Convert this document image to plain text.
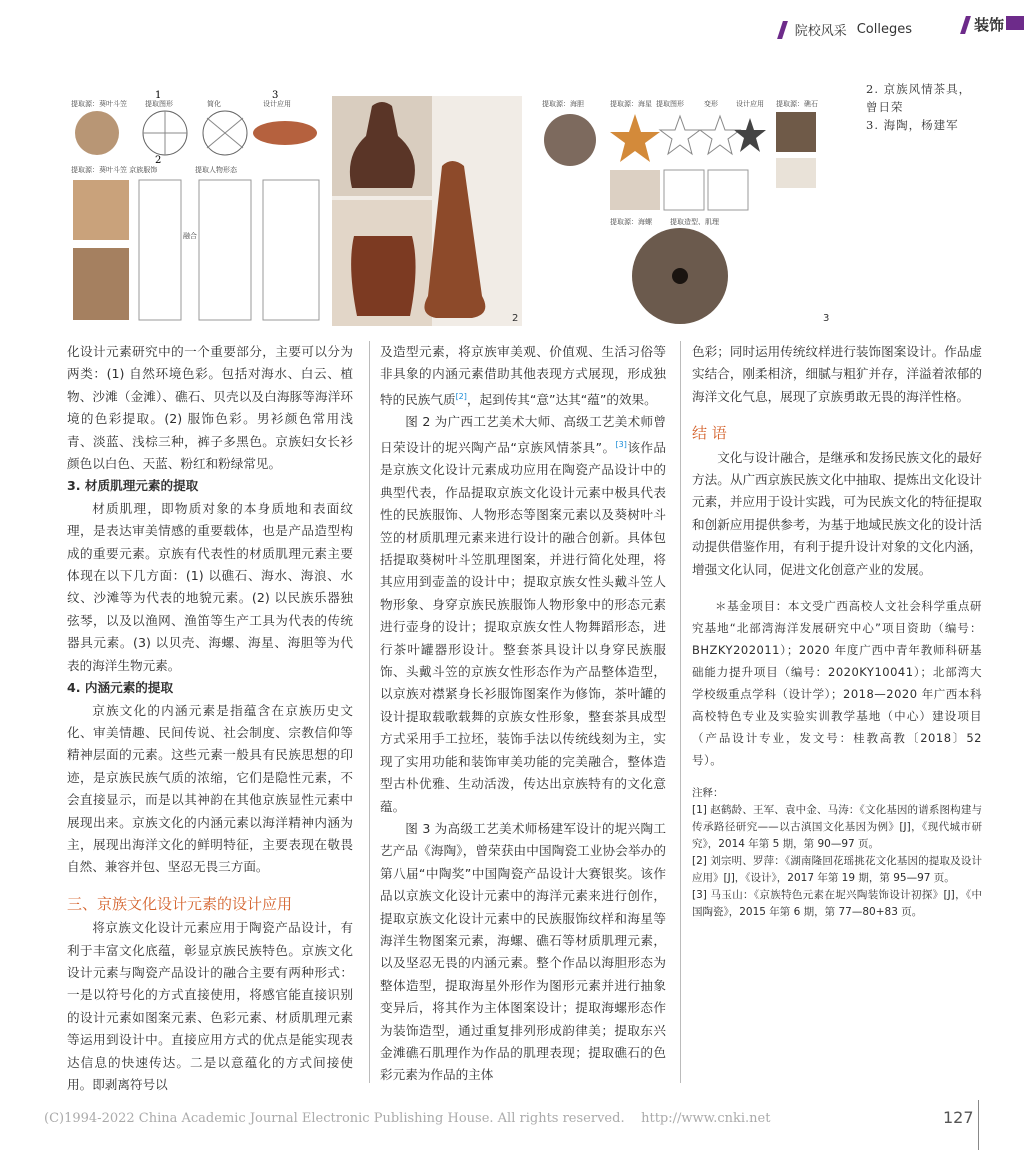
院校风采 Colleges	装饰
2. 京族风情茶具，曾日荣
3. 海陶，杨建军
1	3
2
提取源：葵叶斗笠	提取图形	简化	设计应用
提取源：葵叶斗笠 京族服饰	提取人物形态
融合
2
提取源：海胆	提取源：海星 提取图形	变形	设计应用 提取源：礁石
提取源：海螺	提取造型、肌理
3

化设计元素研究中的一个重要部分，主要可以分为两类：(1) 自然环境色彩。包括对海水、白云、植物、沙滩（金滩）、礁石、贝壳以及白海豚等海洋环境的色彩提取。(2) 服饰色彩。男衫颜色常用浅青、淡蓝、浅棕三种，裤子多黑色。京族妇女长衫颜色以白色、天蓝、粉红和粉绿常见。

3. 材质肌理元素的提取

材质肌理，即物质对象的本身质地和表面纹理，是表达审美情感的重要载体，也是产品造型构成的重要元素。京族有代表性的材质肌理元素主要体现在以下几方面：(1) 以礁石、海水、海浪、水纹、沙滩等为代表的地貌元素。(2) 以民族乐器独弦琴，以及以渔网、渔笛等生产工具为代表的传统器具元素。(3) 以贝壳、海螺、海星、海胆等为代表的海洋生物元素。

4. 内涵元素的提取

京族文化的内涵元素是指蕴含在京族历史文化、审美情趣、民间传说、社会制度、宗教信仰等精神层面的元素。这些元素一般具有民族思想的印迹，是京族民族气质的浓缩，它们是隐性元素，不会直接显示，而是以其神韵在其他京族显性元素中展现出来。京族文化的内涵元素以海洋精神内涵为主，展现出海洋文化的鲜明特征，主要表现在敬畏自然、兼容并包、坚忍无畏三方面。

三、京族文化设计元素的设计应用

将京族文化设计元素应用于陶瓷产品设计，有利于丰富文化底蕴，彰显京族民族特色。京族文化设计元素与陶瓷产品设计的融合主要有两种形式：一是以符号化的方式直接使用，将感官能直接识别的设计元素如图案元素、色彩元素、材质肌理元素等运用到设计中。直接应用方式的优点是能实现表达信息的快速传达。二是以意蕴化的方式间接使用。即剥离符号以

及造型元素，将京族审美观、价值观、生活习俗等非具象的内涵元素借助其他表现方式展现，形成独特的民族气质[2]，起到传其“意”达其“蕴”的效果。

图 2 为广西工艺美术大师、高级工艺美术师曾日荣设计的坭兴陶产品“京族风情茶具”。[3]该作品是京族文化设计元素成功应用在陶瓷产品设计中的典型代表，作品提取京族文化设计元素中极具代表性的民族服饰、人物形态等图案元素以及葵树叶斗笠的材质肌理元素来进行设计的融合创新。具体包括提取葵树叶斗笠肌理图案，并进行简化处理，将其应用到壶盖的设计中；提取京族女性头戴斗笠人物形象、身穿京族民族服饰人物形象中的形态元素进行壶身的设计；提取京族女性人物舞蹈形态，进行茶叶罐器形设计。整套茶具设计以身穿民族服饰、头戴斗笠的京族女性形态作为产品整体造型，以京族对襟紧身长衫服饰图案作为修饰，茶叶罐的设计提取载歌载舞的京族女性形象，整套茶具成型方式采用手工拉坯，装饰手法以传统线刻为主，实现了实用功能和装饰审美功能的完美融合，整体造型古朴优雅、生动活泼，传达出京族特有的文化意蕴。

图 3 为高级工艺美术师杨建军设计的坭兴陶工艺产品《海陶》，曾荣获由中国陶瓷工业协会举办的第八届“中陶奖”中国陶瓷产品设计大赛银奖。该作品以京族文化设计元素中的海洋元素来进行创作，提取京族文化设计元素中的民族服饰纹样和海星等海洋生物图案元素，海螺、礁石等材质肌理元素，以及坚忍无畏的内涵元素。整个作品以海胆形态为整体造型，提取海星外形作为图形元素并进行抽象变异后，将其作为主体图案设计；提取海螺形态作为装饰造型，通过重复排列形成韵律美；提取东兴金滩礁石肌理作为作品的肌理表现；提取礁石的色彩元素为作品的主体

色彩；同时运用传统纹样进行装饰图案设计。作品虚实结合，刚柔相济，细腻与粗犷并存，洋溢着浓郁的海洋文化气息，展现了京族勇敢无畏的海洋性格。

结 语

文化与设计融合，是继承和发扬民族文化的最好方法。从广西京族民族文化中抽取、提炼出文化设计元素，并应用于设计实践，可为民族文化的特征提取和创新应用提供参考，为基于地域民族文化的设计活动提供借鉴作用，有利于提升设计对象的文化内涵，增强文化认同，促进文化创意产业的发展。

＊基金项目：本文受广西高校人文社会科学重点研究基地“北部湾海洋发展研究中心”项目资助（编号：BHZKY202011）；2020 年度广西中青年教师科研基础能力提升项目（编号：2020KY10041）；北部湾大学校级重点学科（设计学）；2018—2020 年广西本科高校特色专业及实验实训教学基地（中心）建设项目（产品设计专业，发文号：桂教高教〔2018〕52 号）。

注释：
[1] 赵鹤龄、王军、袁中金、马涛：《文化基因的谱系图构建与传承路径研究——以古滇国文化基因为例》[J]，《现代城市研究》，2014 年第 5 期，第 90—97 页。
[2] 刘宗明、罗萍：《湖南隆回花瑶挑花文化基因的提取及设计应用》[J]，《设计》，2017 年第 19 期，第 95—97 页。
[3] 马玉山：《京族特色元素在坭兴陶装饰设计初探》[J]，《中国陶瓷》，2015 年第 6 期，第 77—80+83 页。
(C)1994-2022 China Academic Journal Electronic Publishing House. All rights reserved.    http://www.cnki.net	127
